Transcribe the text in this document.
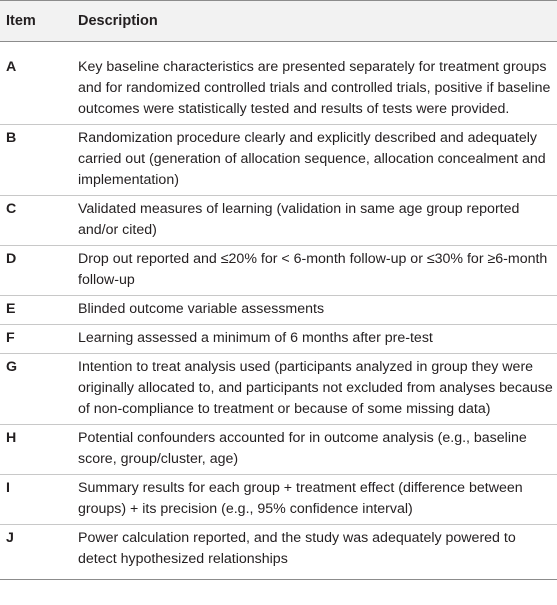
Item	Description
A	Key baseline characteristics are presented separately for treatment groups and for randomized controlled trials and controlled trials, positive if baseline outcomes were statistically tested and results of tests were provided.
B	Randomization procedure clearly and explicitly described and adequately carried out (generation of allocation sequence, allocation concealment and implementation)
C	Validated measures of learning (validation in same age group reported and/or cited)
D	Drop out reported and ≤20% for < 6-month follow-up or ≤30% for ≥6-month follow-up
E	Blinded outcome variable assessments
F	Learning assessed a minimum of 6 months after pre-test
G	Intention to treat analysis used (participants analyzed in group they were originally allocated to, and participants not excluded from analyses because of non-compliance to treatment or because of some missing data)
H	Potential confounders accounted for in outcome analysis (e.g., baseline score, group/cluster, age)
I	Summary results for each group + treatment effect (difference between groups) + its precision (e.g., 95% confidence interval)
J	Power calculation reported, and the study was adequately powered to detect hypothesized relationships
